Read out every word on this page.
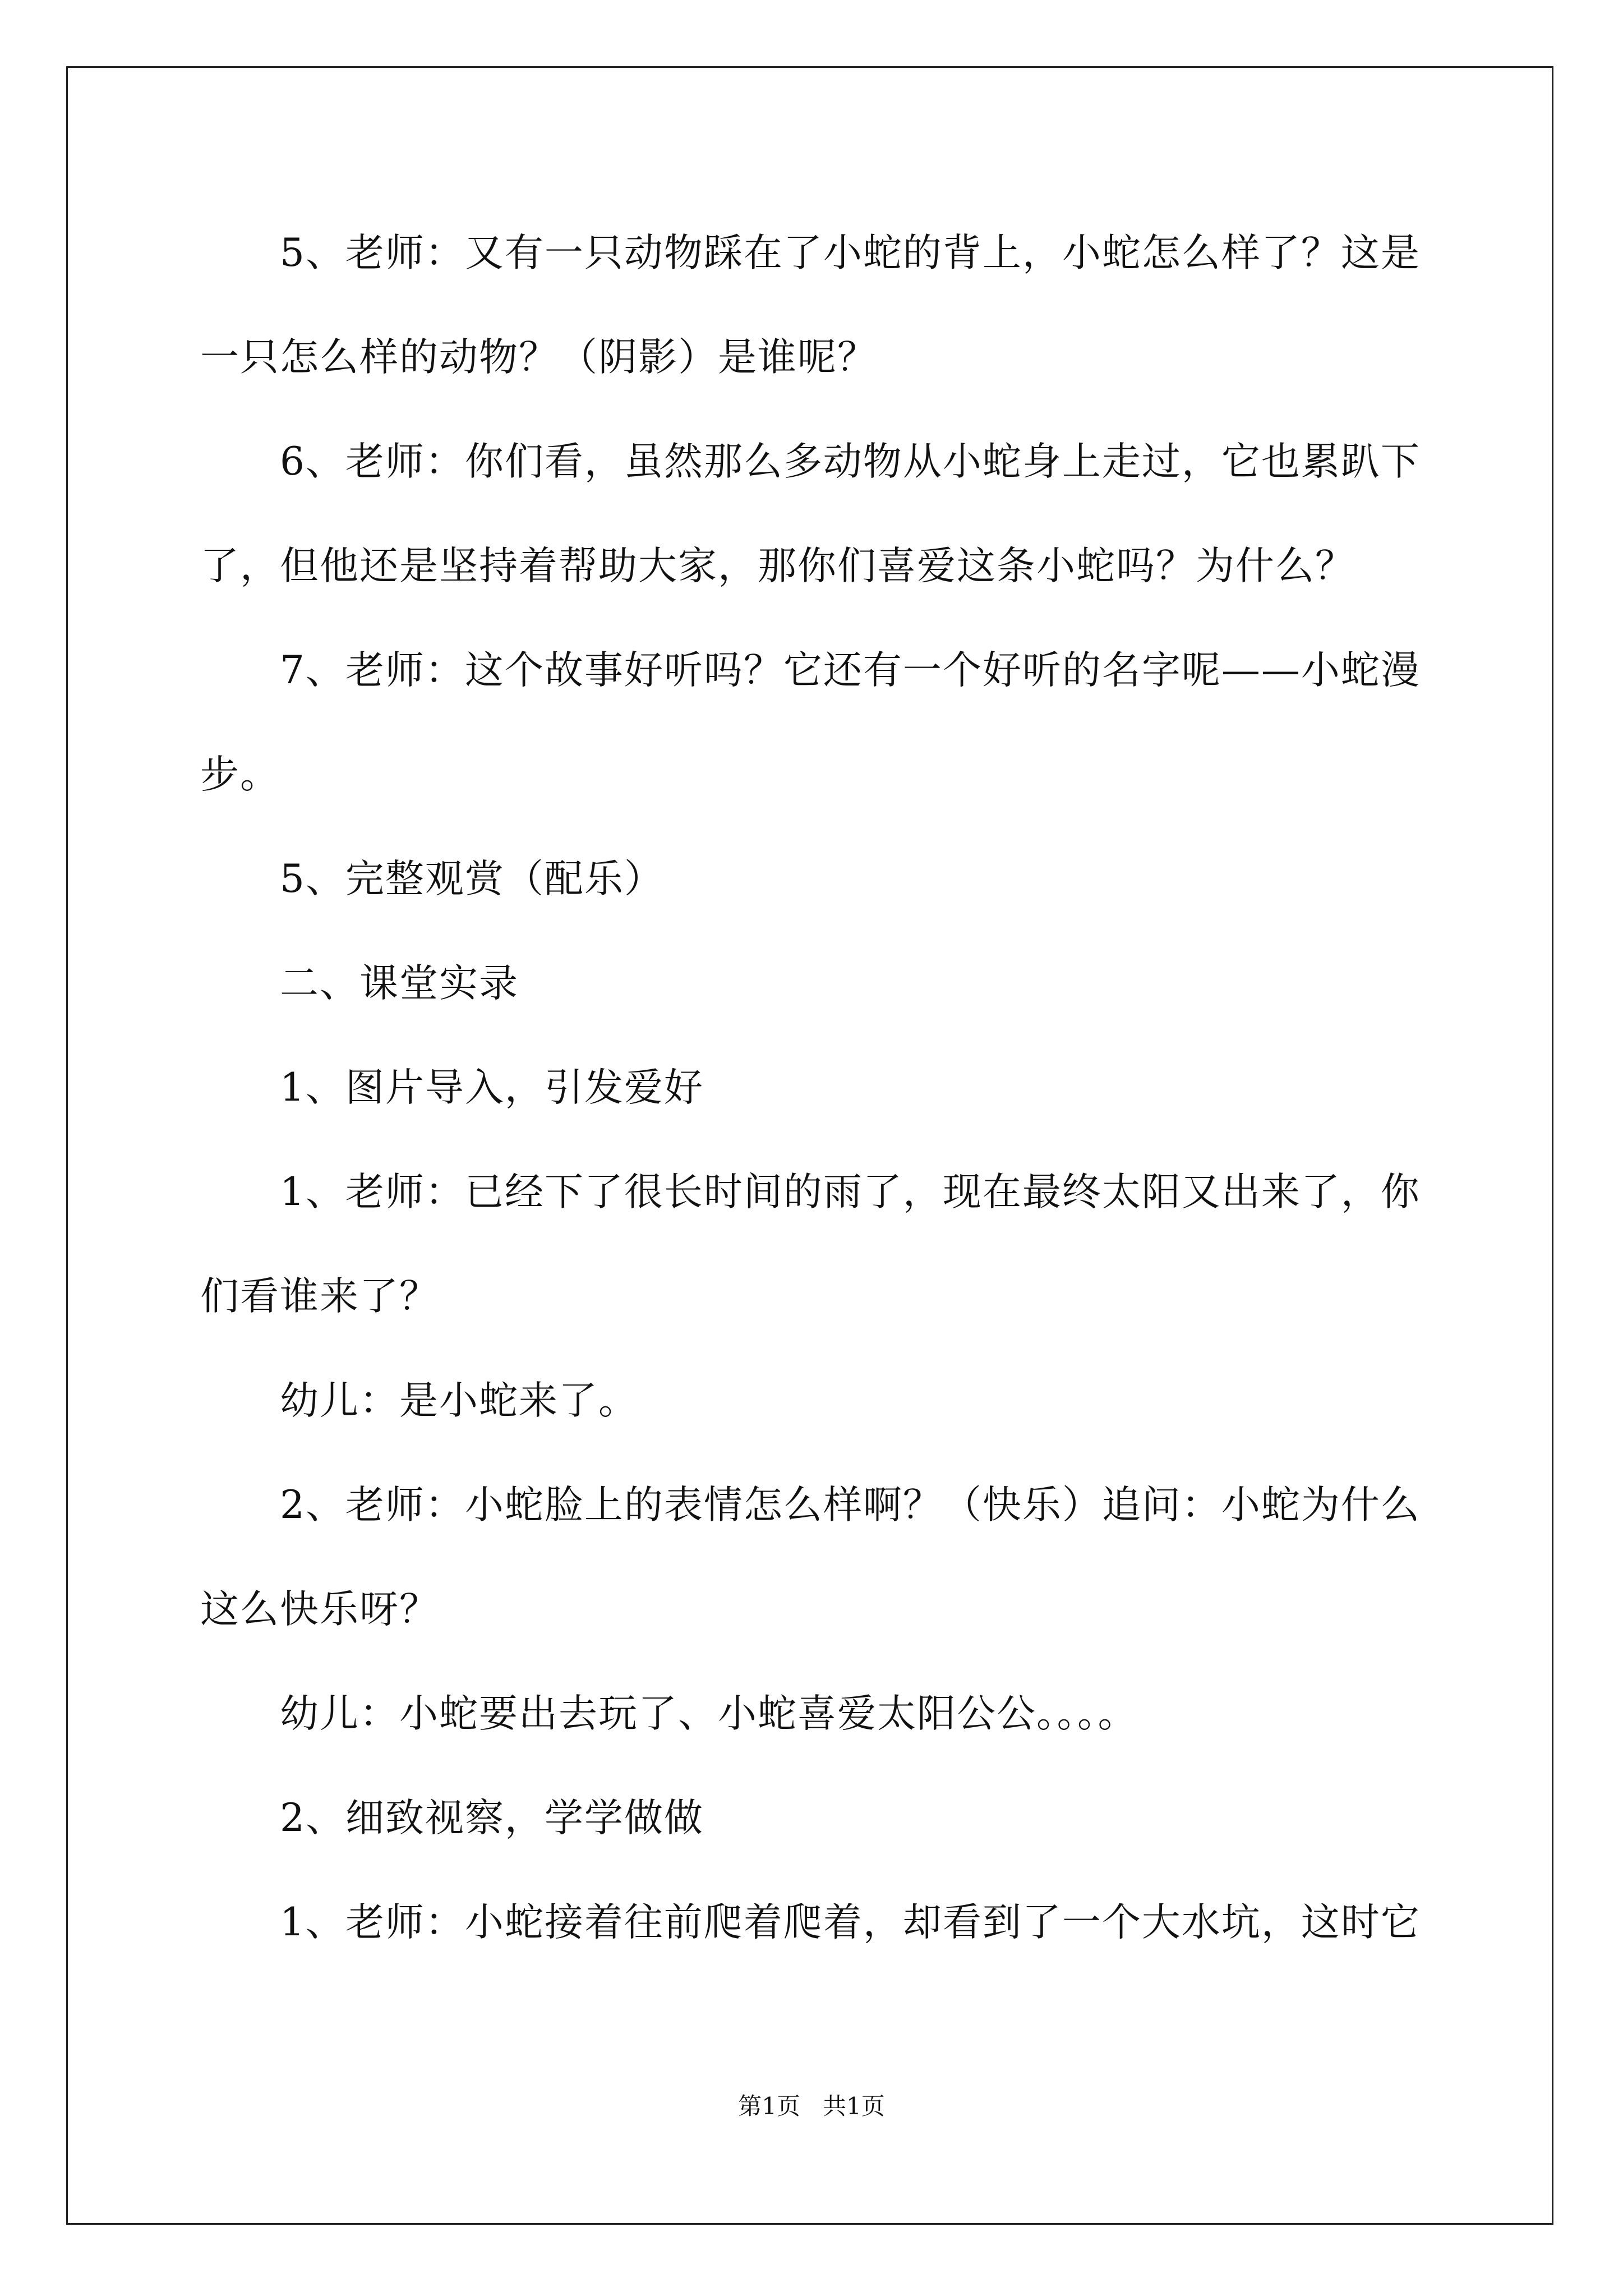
5、老师：又有一只动物踩在了小蛇的背上，小蛇怎么样了？这是一只怎么样的动物？（阴影）是谁呢？
6、老师：你们看，虽然那么多动物从小蛇身上走过，它也累趴下了，但他还是坚持着帮助大家，那你们喜爱这条小蛇吗？为什么？
7、老师：这个故事好听吗？它还有一个好听的名字呢——小蛇漫步。
5、完整观赏（配乐）
二、课堂实录
1、图片导入，引发爱好
1、老师：已经下了很长时间的雨了，现在最终太阳又出来了，你们看谁来了？
幼儿：是小蛇来了。
2、老师：小蛇脸上的表情怎么样啊？（快乐）追问：小蛇为什么这么快乐呀？
幼儿：小蛇要出去玩了、小蛇喜爱太阳公公。。。。
2、细致视察，学学做做
1、老师：小蛇接着往前爬着爬着，却看到了一个大水坑，这时它
第1页 共1页
